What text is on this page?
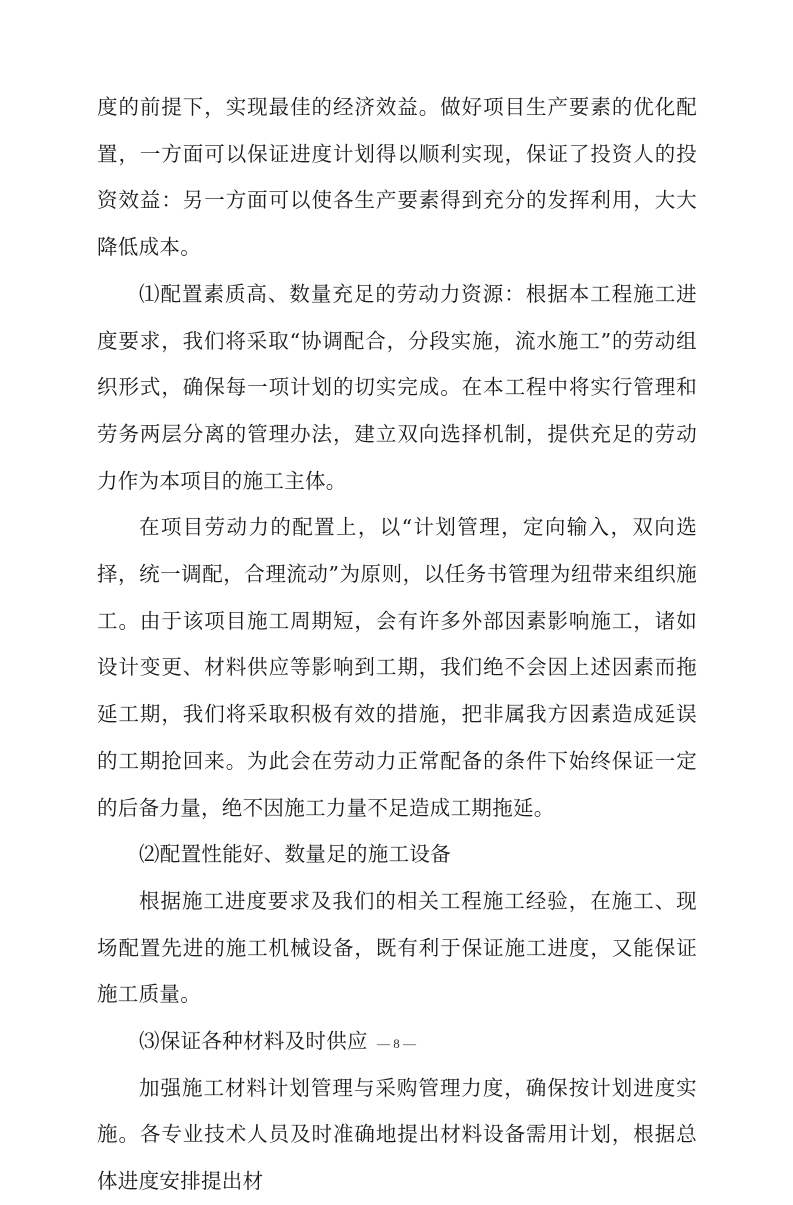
度的前提下，实现最佳的经济效益。做好项目生产要素的优化配置，一方面可以保证进度计划得以顺利实现，保证了投资人的投资效益：另一方面可以使各生产要素得到充分的发挥利用，大大降低成本。

⑴配置素质高、数量充足的劳动力资源：根据本工程施工进度要求，我们将采取“协调配合，分段实施，流水施工”的劳动组织形式，确保每一项计划的切实完成。在本工程中将实行管理和劳务两层分离的管理办法，建立双向选择机制，提供充足的劳动力作为本项目的施工主体。

在项目劳动力的配置上，以“计划管理，定向输入，双向选择，统一调配，合理流动”为原则，以任务书管理为纽带来组织施工。由于该项目施工周期短，会有许多外部因素影响施工，诸如设计变更、材料供应等影响到工期，我们绝不会因上述因素而拖延工期，我们将采取积极有效的措施，把非属我方因素造成延误的工期抢回来。为此会在劳动力正常配备的条件下始终保证一定的后备力量，绝不因施工力量不足造成工期拖延。

⑵配置性能好、数量足的施工设备

根据施工进度要求及我们的相关工程施工经验，在施工、现场配置先进的施工机械设备，既有利于保证施工进度，又能保证施工质量。

⑶保证各种材料及时供应

加强施工材料计划管理与采购管理力度，确保按计划进度实施。各专业技术人员及时准确地提出材料设备需用计划，根据总体进度安排提出材

— 8 —
